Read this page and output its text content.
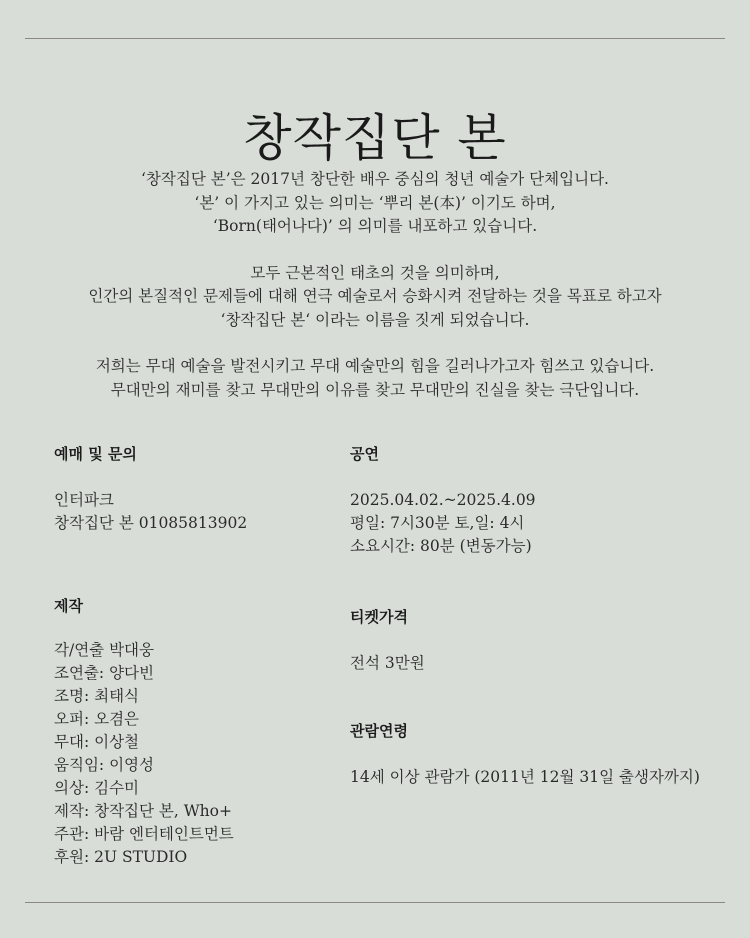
창작집단 본

‘창작집단 본’은 2017년 창단한 배우 중심의 청년 예술가 단체입니다.
‘본’ 이 가지고 있는 의미는 ‘뿌리 본(本)’ 이기도 하며,
‘Born(태어나다)’ 의 의미를 내포하고 있습니다.

모두 근본적인 태초의 것을 의미하며,
인간의 본질적인 문제들에 대해 연극 예술로서 승화시켜 전달하는 것을 목표로 하고자
‘창작집단 본‘ 이라는 이름을 짓게 되었습니다.

저희는 무대 예술을 발전시키고 무대 예술만의 힘을 길러나가고자 힘쓰고 있습니다.
무대만의 재미를 찾고 무대만의 이유를 찾고 무대만의 진실을 찾는 극단입니다.

예매 및 문의
인터파크
창작집단 본 01085813902
제작
각/연출 박대웅
조연출: 양다빈
조명: 최태식
오퍼: 오겸은
무대: 이상철
움직임: 이영성
의상: 김수미
제작: 창작집단 본, Who+
주관: 바람 엔터테인트먼트
후원: 2U STUDIO
공연
2025.04.02.~2025.4.09
평일: 7시30분 토,일: 4시
소요시간: 80분 (변동가능)
티켓가격
전석 3만원
관람연령
14세 이상 관람가 (2011년 12월 31일 출생자까지)
